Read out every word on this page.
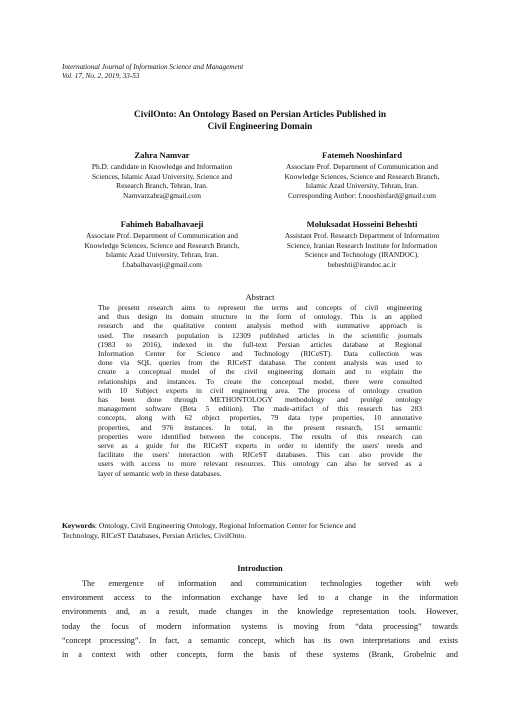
International Journal of Information Science and Management
Vol. 17, No. 2, 2019, 33-53
CivilOnto: An Ontology Based on Persian Articles Published in
Civil Engineering Domain
Zahra Namvar
Ph.D. candidate in Knowledge and Information
Sciences, Islamic Azad University, Science and
Research Branch, Tehran, Iran.
Namvarzahra@gmail.com
Fatemeh Nooshinfard
Associate Prof. Department of Communication and
Knowledge Sciences, Science and Research Branch,
Islamic Azad University, Tehran, Iran.
Corresponding Author: f.nooshinfard@gmail.com
Fahimeh Babalhavaeji
Associate Prof. Department of Communication and
Knowledge Sciences, Science and Research Branch,
Islamic Azad University, Tehran, Iran.
f.babalhavaeji@gmail.com
Moluksadat Hosseini Beheshti
Assistant Prof. Research Department of Information
Science, Iranian Research Institute for Information
Science and Technology (IRANDOC).
beheshti@irandoc.ac.ir
Abstract
The present research aims to represent the terms and concepts of civil engineering
and thus design its domain structure in the form of ontology. This is an applied
research and the qualitative content analysis method with summative approach is
used. The research population is 12309 published articles in the scientific journals
(1983 to 2016), indexed in the full-text Persian articles database at Regional
Information Center for Science and Technology (RICeST). Data collection was
done via SQL queries from the RICeST database. The content analysis was used to
create a conceptual model of the civil engineering domain and to explain the
relationships and instances. To create the conceptual model, there were consulted
with 10 Subject experts in civil engineering area. The process of ontology creation
has been done through METHONTOLOGY methodology and protégé ontology
management software (Beta 5 edition). The made-artifact of this research has 283
concepts, along with 62 object properties, 79 data type properties, 10 annotative
properties, and 976 instances. In total, in the present research, 151 semantic
properties were identified between the concepts. The results of this research can
serve as a guide for the RICeST experts in order to identify the users' needs and
facilitate the users' interaction with RICeST databases. This can also provide the
users with access to more relevant resources. This ontology can also be served as a
layer of semantic web in these databases.
Keywords: Ontology, Civil Engineering Ontology, Regional Information Center for Science and
Technology, RICeST Databases, Persian Articles, CivilOnto.
Introduction
The emergence of information and communication technologies together with web
environment access to the information exchange have led to a change in the information
environments and, as a result, made changes in the knowledge representation tools. However,
today the focus of modern information systems is moving from “data processing” towards
“concept processing”. In fact, a semantic concept, which has its own interpretations and exists
in a context with other concepts, form the basis of these systems (Brank, Grobelnic and
